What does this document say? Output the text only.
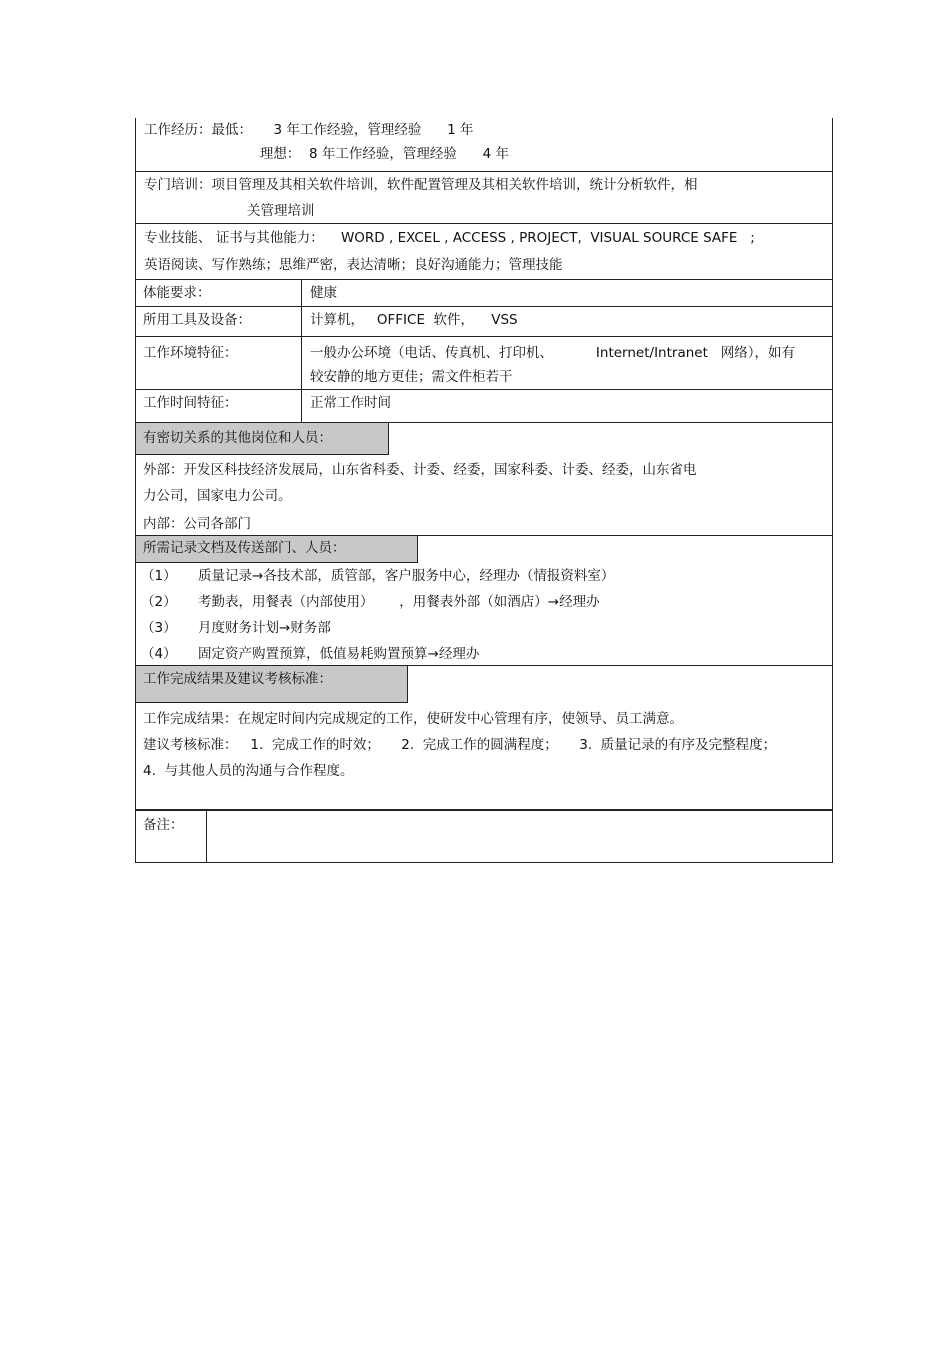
工作经历：最低：     3 年工作经验，管理经验      1 年
理想：  8 年工作经验，管理经验      4 年
专门培训：项目管理及其相关软件培训，软件配置管理及其相关软件培训，统计分析软件，相
关管理培训
专业技能、 证书与其他能力：    WORD , EXCEL , ACCESS , PROJECT,  VISUAL SOURCE SAFE   ;
英语阅读、写作熟练；思维严密，表达清晰；良好沟通能力；管理技能
体能要求：	健康
所用工具及设备：	计算机，   OFFICE  软件，    VSS
工作环境特征：	一般办公环境（电话、传真机、打印机、          Internet/Intranet   网络），如有
较安静的地方更佳；需文件柜若干
工作时间特征：	正常工作时间
有密切关系的其他岗位和人员：
外部：开发区科技经济发展局，山东省科委、计委、经委，国家科委、计委、经委，山东省电
力公司，国家电力公司。
内部：公司各部门
所需记录文档及传送部门、人员：
（1）     质量记录→各技术部，质管部，客户服务中心，经理办（情报资料室）
（2）     考勤表，用餐表（内部使用）      ，用餐表外部（如酒店）→经理办
（3）     月度财务计划→财务部
（4）     固定资产购置预算，低值易耗购置预算→经理办
工作完成结果及建议考核标准：
工作完成结果：在规定时间内完成规定的工作，使研发中心管理有序，使领导、员工满意。
建议考核标准：   1.  完成工作的时效；     2.  完成工作的圆满程度；     3.  质量记录的有序及完整程度；
4.  与其他人员的沟通与合作程度。
备注：
